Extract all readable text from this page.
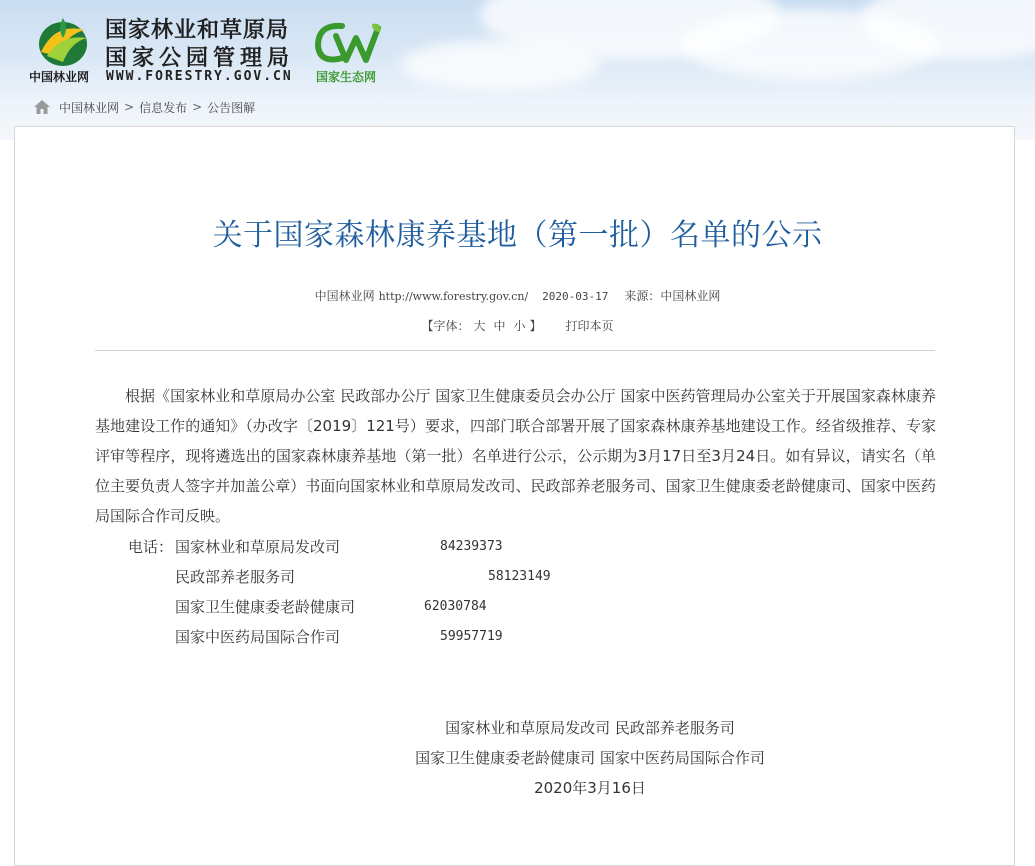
中国林业网
国家林业和草原局
国家公园管理局
WWW.FORESTRY.GOV.CN 国家生态网
中国林业网 > 信息发布 > 公告图解
关于国家森林康养基地（第一批）名单的公示
中国林业网 http://www.forestry.gov.cn/ 2020-03-17 来源：中国林业网
【字体： 大 中 小 】 打印本页

根据《国家林业和草原局办公室 民政部办公厅 国家卫生健康委员会办公厅 国家中医药管理局办公室关于开展国家森林康养基地建设工作的通知》（办改字〔2019〕121号）要求，四部门联合部署开展了国家森林康养基地建设工作。经省级推荐、专家评审等程序，现将遴选出的国家森林康养基地（第一批）名单进行公示，公示期为3月17日至3月24日。如有异议，请实名（单位主要负责人签字并加盖公章）书面向国家林业和草原局发改司、民政部养老服务司、国家卫生健康委老龄健康司、国家中医药局国际合作司反映。

电话： 国家林业和草原局发改司	84239373
民政部养老服务司	58123149
国家卫生健康委老龄健康司	62030784
国家中医药局国际合作司	59957719
国家林业和草原局发改司 民政部养老服务司
国家卫生健康委老龄健康司 国家中医药局国际合作司
2020年3月16日
